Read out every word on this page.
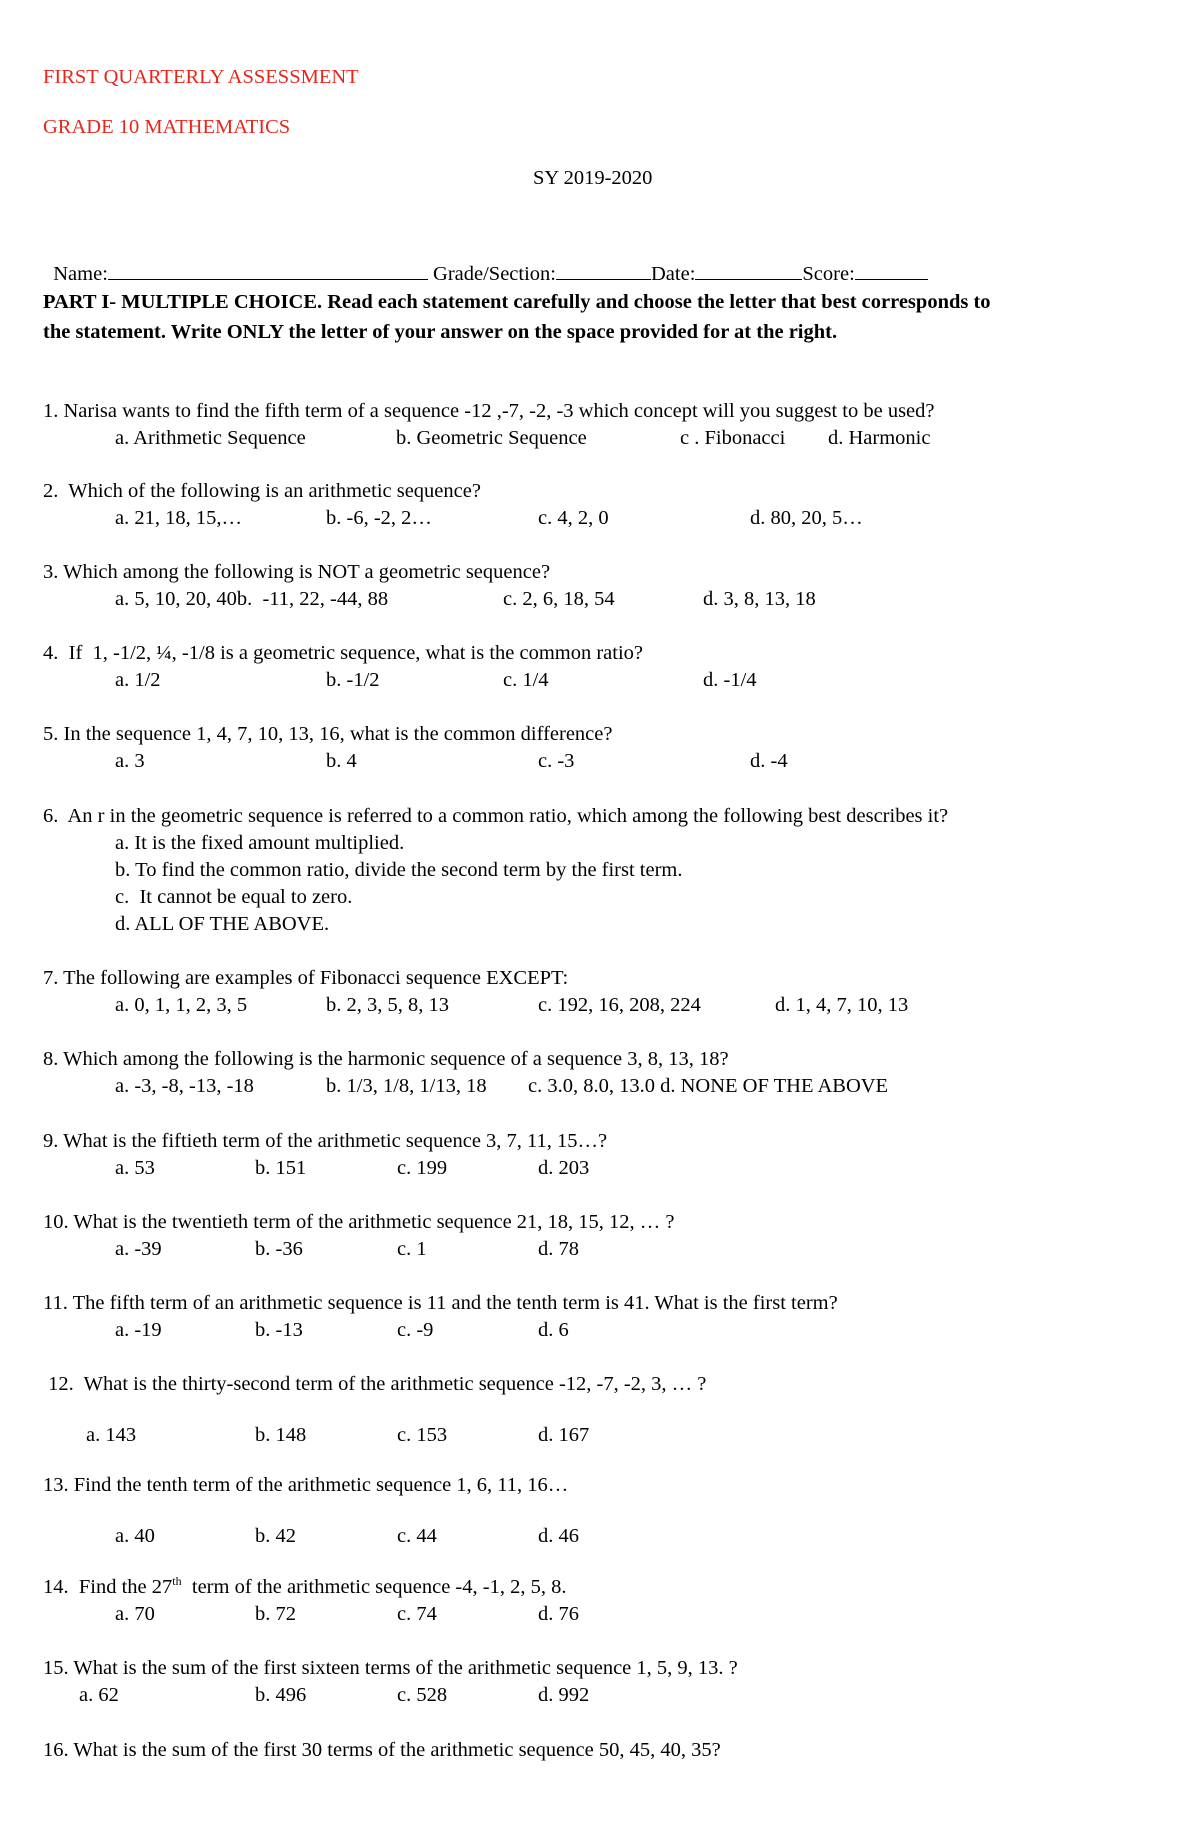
FIRST QUARTERLY ASSESSMENT
GRADE 10 MATHEMATICS
SY 2019-2020

Name:	Grade/Section:	Date:	Score:

PART I- MULTIPLE CHOICE. Read each statement carefully and choose the letter that best corresponds to
the statement. Write ONLY the letter of your answer on the space provided for at the right.
1. Narisa wants to find the fifth term of a sequence -12 ,-7, -2, -3 which concept will you suggest to be used?
a. Arithmetic Sequence	b. Geometric Sequence	c . Fibonacci d. Harmonic
2.  Which of the following is an arithmetic sequence?
a. 21, 18, 15,…	b. -6, -2, 2…	c. 4, 2, 0	d. 80, 20, 5…
3. Which among the following is NOT a geometric sequence?
a. 5, 10, 20, 40b.  -11, 22, -44, 88	c. 2, 6, 18, 54	d. 3, 8, 13, 18
4.  If  1, -1/2, ¼, -1/8 is a geometric sequence, what is the common ratio?
a. 1/2	b. -1/2	c. 1/4	d. -1/4
5. In the sequence 1, 4, 7, 10, 13, 16, what is the common difference?
a. 3	b. 4	c. -3	d. -4
6.  An r in the geometric sequence is referred to a common ratio, which among the following best describes it?
a. It is the fixed amount multiplied.
b. To find the common ratio, divide the second term by the first term.
c.  It cannot be equal to zero.
d. ALL OF THE ABOVE.
7. The following are examples of Fibonacci sequence EXCEPT:
a. 0, 1, 1, 2, 3, 5	b. 2, 3, 5, 8, 13	c. 192, 16, 208, 224	d. 1, 4, 7, 10, 13
8. Which among the following is the harmonic sequence of a sequence 3, 8, 13, 18?
a. -3, -8, -13, -18	b. 1/3, 1/8, 1/13, 18 c. 3.0, 8.0, 13.0 d. NONE OF THE ABOVE
9. What is the fiftieth term of the arithmetic sequence 3, 7, 11, 15…?
a. 53	b. 151	c. 199	d. 203
10. What is the twentieth term of the arithmetic sequence 21, 18, 15, 12, … ?
a. -39	b. -36	c. 1	d. 78
11. The fifth term of an arithmetic sequence is 11 and the tenth term is 41. What is the first term?
a. -19	b. -13	c. -9	d. 6
12.  What is the thirty-second term of the arithmetic sequence -12, -7, -2, 3, … ?
a. 143	b. 148	c. 153	d. 167
13. Find the tenth term of the arithmetic sequence 1, 6, 11, 16…
a. 40	b. 42	c. 44	d. 46
14.  Find the 27th  term of the arithmetic sequence -4, -1, 2, 5, 8.
a. 70	b. 72	c. 74	d. 76
15. What is the sum of the first sixteen terms of the arithmetic sequence 1, 5, 9, 13. ?
a. 62	b. 496	c. 528	d. 992
16. What is the sum of the first 30 terms of the arithmetic sequence 50, 45, 40, 35?
